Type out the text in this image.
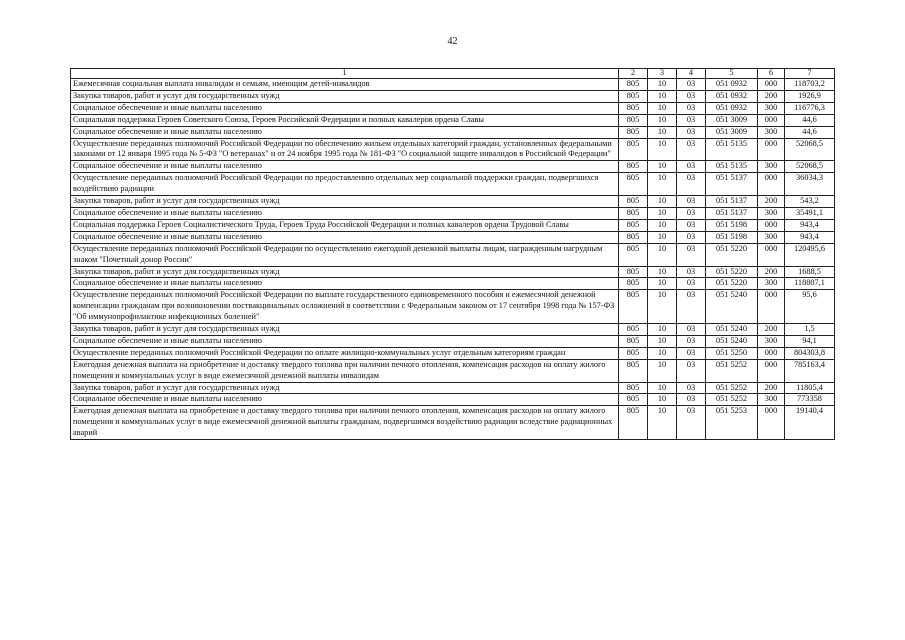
42
1	2	3	4	5	6	7
Ежемесячная социальная выплата инвалидам и семьям, имеющим детей-инвалидов	805	10	03	051 0932	000	118703,2
Закупка товаров, работ и услуг для государственных нужд	805	10	03	051 0932	200	1926,9
Социальное обеспечение и иные выплаты населению	805	10	03	051 0932	300	116776,3
Социальная поддержка Героев Советского Союза, Героев Российской Федерации и полных кавалеров ордена Славы	805	10	03	051 3009	000	44,6
Социальное обеспечение и иные выплаты населению	805	10	03	051 3009	300	44,6
Осуществление переданных полномочий Российской Федерации по обеспечению жильем отдельных категорий граждан, установленных федеральными законами от 12 января 1995 года № 5-ФЗ "О ветеранах" и от 24 ноября 1995 года № 181-ФЗ "О социальной защите инвалидов в Российской Федерации"	805	10	03	051 5135	000	52068,5
Социальное обеспечение и иные выплаты населению	805	10	03	051 5135	300	52068,5
Осуществление переданных полномочий Российской Федерации по предоставлению отдельных мер социальной поддержки граждан, подвергшихся воздействию радиации	805	10	03	051 5137	000	36034,3
Закупка товаров, работ и услуг для государственных нужд	805	10	03	051 5137	200	543,2
Социальное обеспечение и иные выплаты населению	805	10	03	051 5137	300	35491,1
Социальная поддержка Героев Социалистического Труда, Героев Труда Российской Федерации и полных кавалеров ордена Трудовой Славы	805	10	03	051 5198	000	943,4
Социальное обеспечение и иные выплаты населению	805	10	03	051 5198	300	943,4
Осуществление переданных полномочий Российской Федерации по осуществлению ежегодной денежной выплаты лицам, награжденным нагрудным знаком "Почетный донор России"	805	10	03	051 5220	000	120495,6
Закупка товаров, работ и услуг для государственных нужд	805	10	03	051 5220	200	1688,5
Социальное обеспечение и иные выплаты населению	805	10	03	051 5220	300	118807,1
Осуществление переданных полномочий Российской Федерации по выплате государственного единовременного пособия и ежемесячной денежной компенсации гражданам при возникновении поствакцинальных осложнений в соответствии с Федеральным законом от 17 сентября 1998 года № 157-ФЗ "Об иммунопрофилактике инфекционных болезней"	805	10	03	051 5240	000	95,6
Закупка товаров, работ и услуг для государственных нужд	805	10	03	051 5240	200	1,5
Социальное обеспечение и иные выплаты населению	805	10	03	051 5240	300	94,1
Осуществление переданных полномочий Российской Федерации по оплате жилищно-коммунальных услуг отдельным категориям граждан	805	10	03	051 5250	000	804303,8
Ежегодная денежная выплата на приобретение и доставку твердого топлива при наличии печного отопления, компенсация расходов на оплату жилого помещения и коммунальных услуг в виде ежемесячной денежной выплаты инвалидам	805	10	03	051 5252	000	785163,4
Закупка товаров, работ и услуг для государственных нужд	805	10	03	051 5252	200	11805,4
Социальное обеспечение и иные выплаты населению	805	10	03	051 5252	300	773358
Ежегодная денежная выплата на приобретение и доставку твердого топлива при наличии печного отопления, компенсация расходов на оплату жилого помещения и коммунальных услуг в виде ежемесячной денежной выплаты гражданам, подвергшимся воздействию радиации вследствие радиационных аварий	805	10	03	051 5253	000	19140,4
